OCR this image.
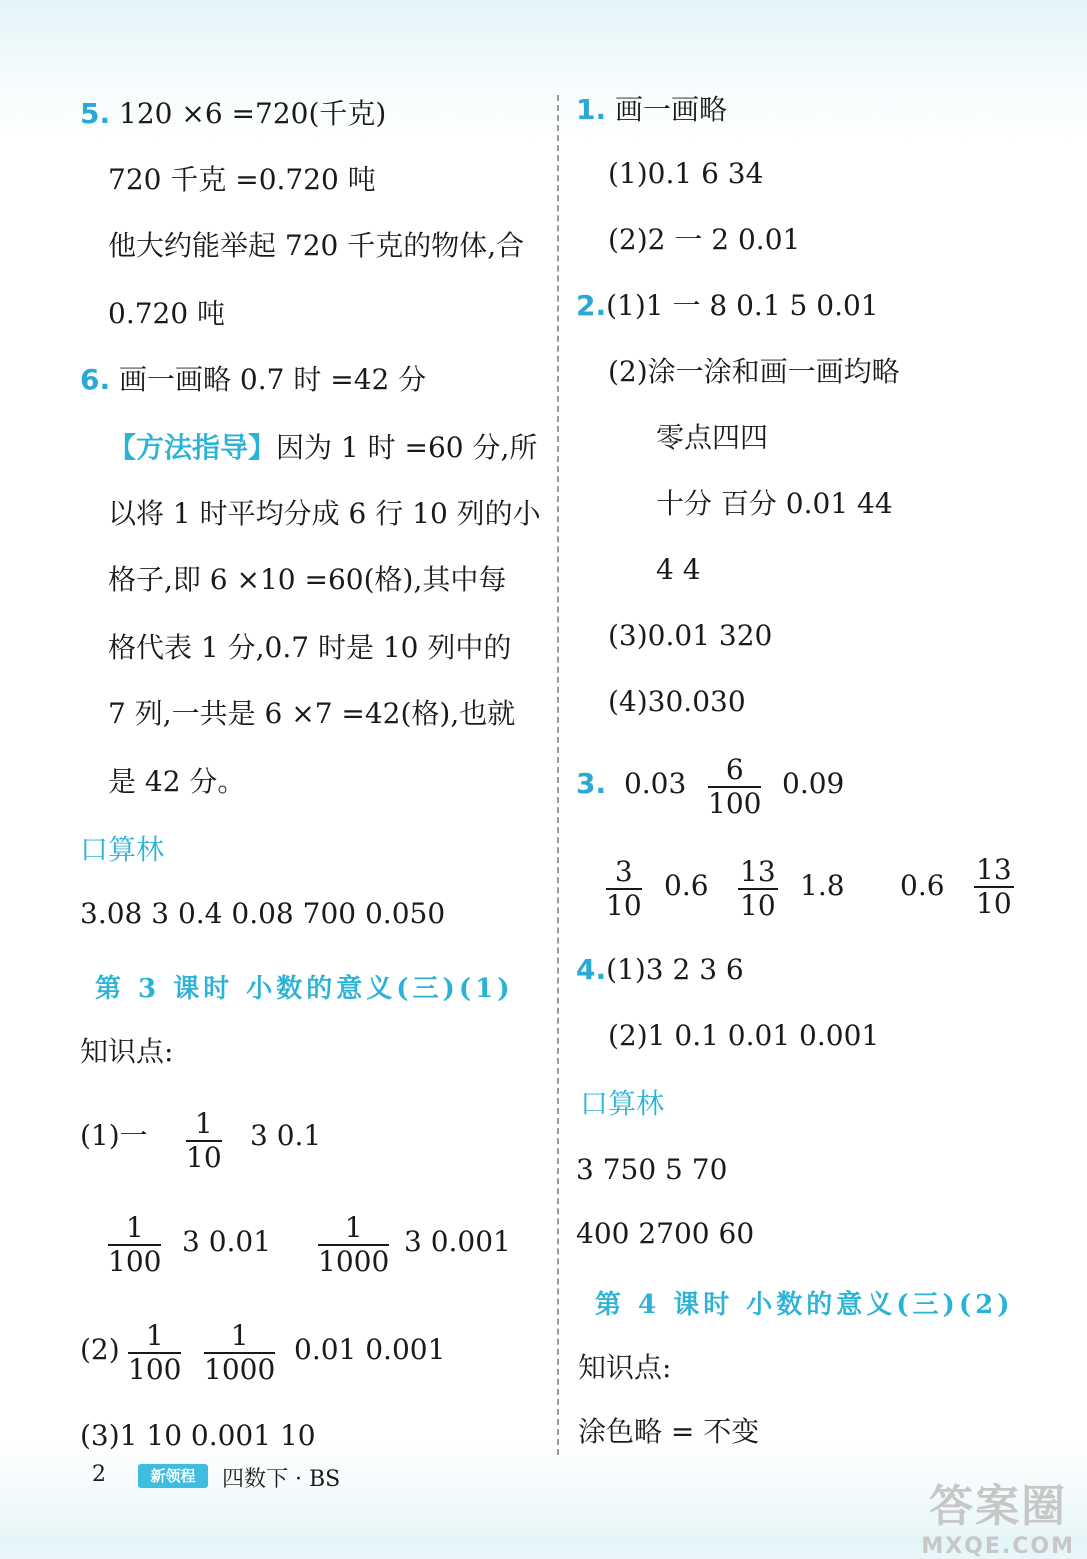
5. 120 ×6 =720(千克)
720 千克 =0.720 吨
他大约能举起 720 千克的物体,合
0.720 吨
6. 画一画略 0.7 时 =42 分
【方法指导】因为 1 时 =60 分,所
以将 1 时平均分成 6 行 10 列的小
格子,即 6 ×10 =60(格),其中每
格代表 1 分,0.7 时是 10 列中的
7 列,一共是 6 ×7 =42(格),也就
是 42 分。
口算林
3.08 3 0.4 0.08 700 0.050
第 3 课时 小数的意义(三)(1)
知识点:
(1)一 $\frac{1}{10} 3$ 0.1
$\frac{1}{100} 3$ $0.01 \frac{1}{1000} 3$ 0.001
$(2) \frac{1}{100} \frac{1}{1000} 0.01$ 0.001
(3)1 10 0.001 10
1. 画一画略
(1)0.1 6 34
(2)2 一 2 0.01
2.(1)1 一 8 0.1 5 0.01
(2)涂一涂和画一画均略
零点四四
十分 百分 0.01 44
4 4
(3)0.01 320
(4)30.030
3. $0.03 \frac{6}{100} 0.09$
$\frac{3}{10} 0.6 \frac{13}{10} 1.8$ $0.6 \frac{13}{10}$
4.(1)3 2 3 6
(2)1 0.1 0.01 0.001
口算林
3 750 5 70
400 2700 60
第 4 课时 小数的意义(三)(2)
知识点:
涂色略 = 不变
2	新领程	四数下 · BS
答案圈
MXQE.COM
